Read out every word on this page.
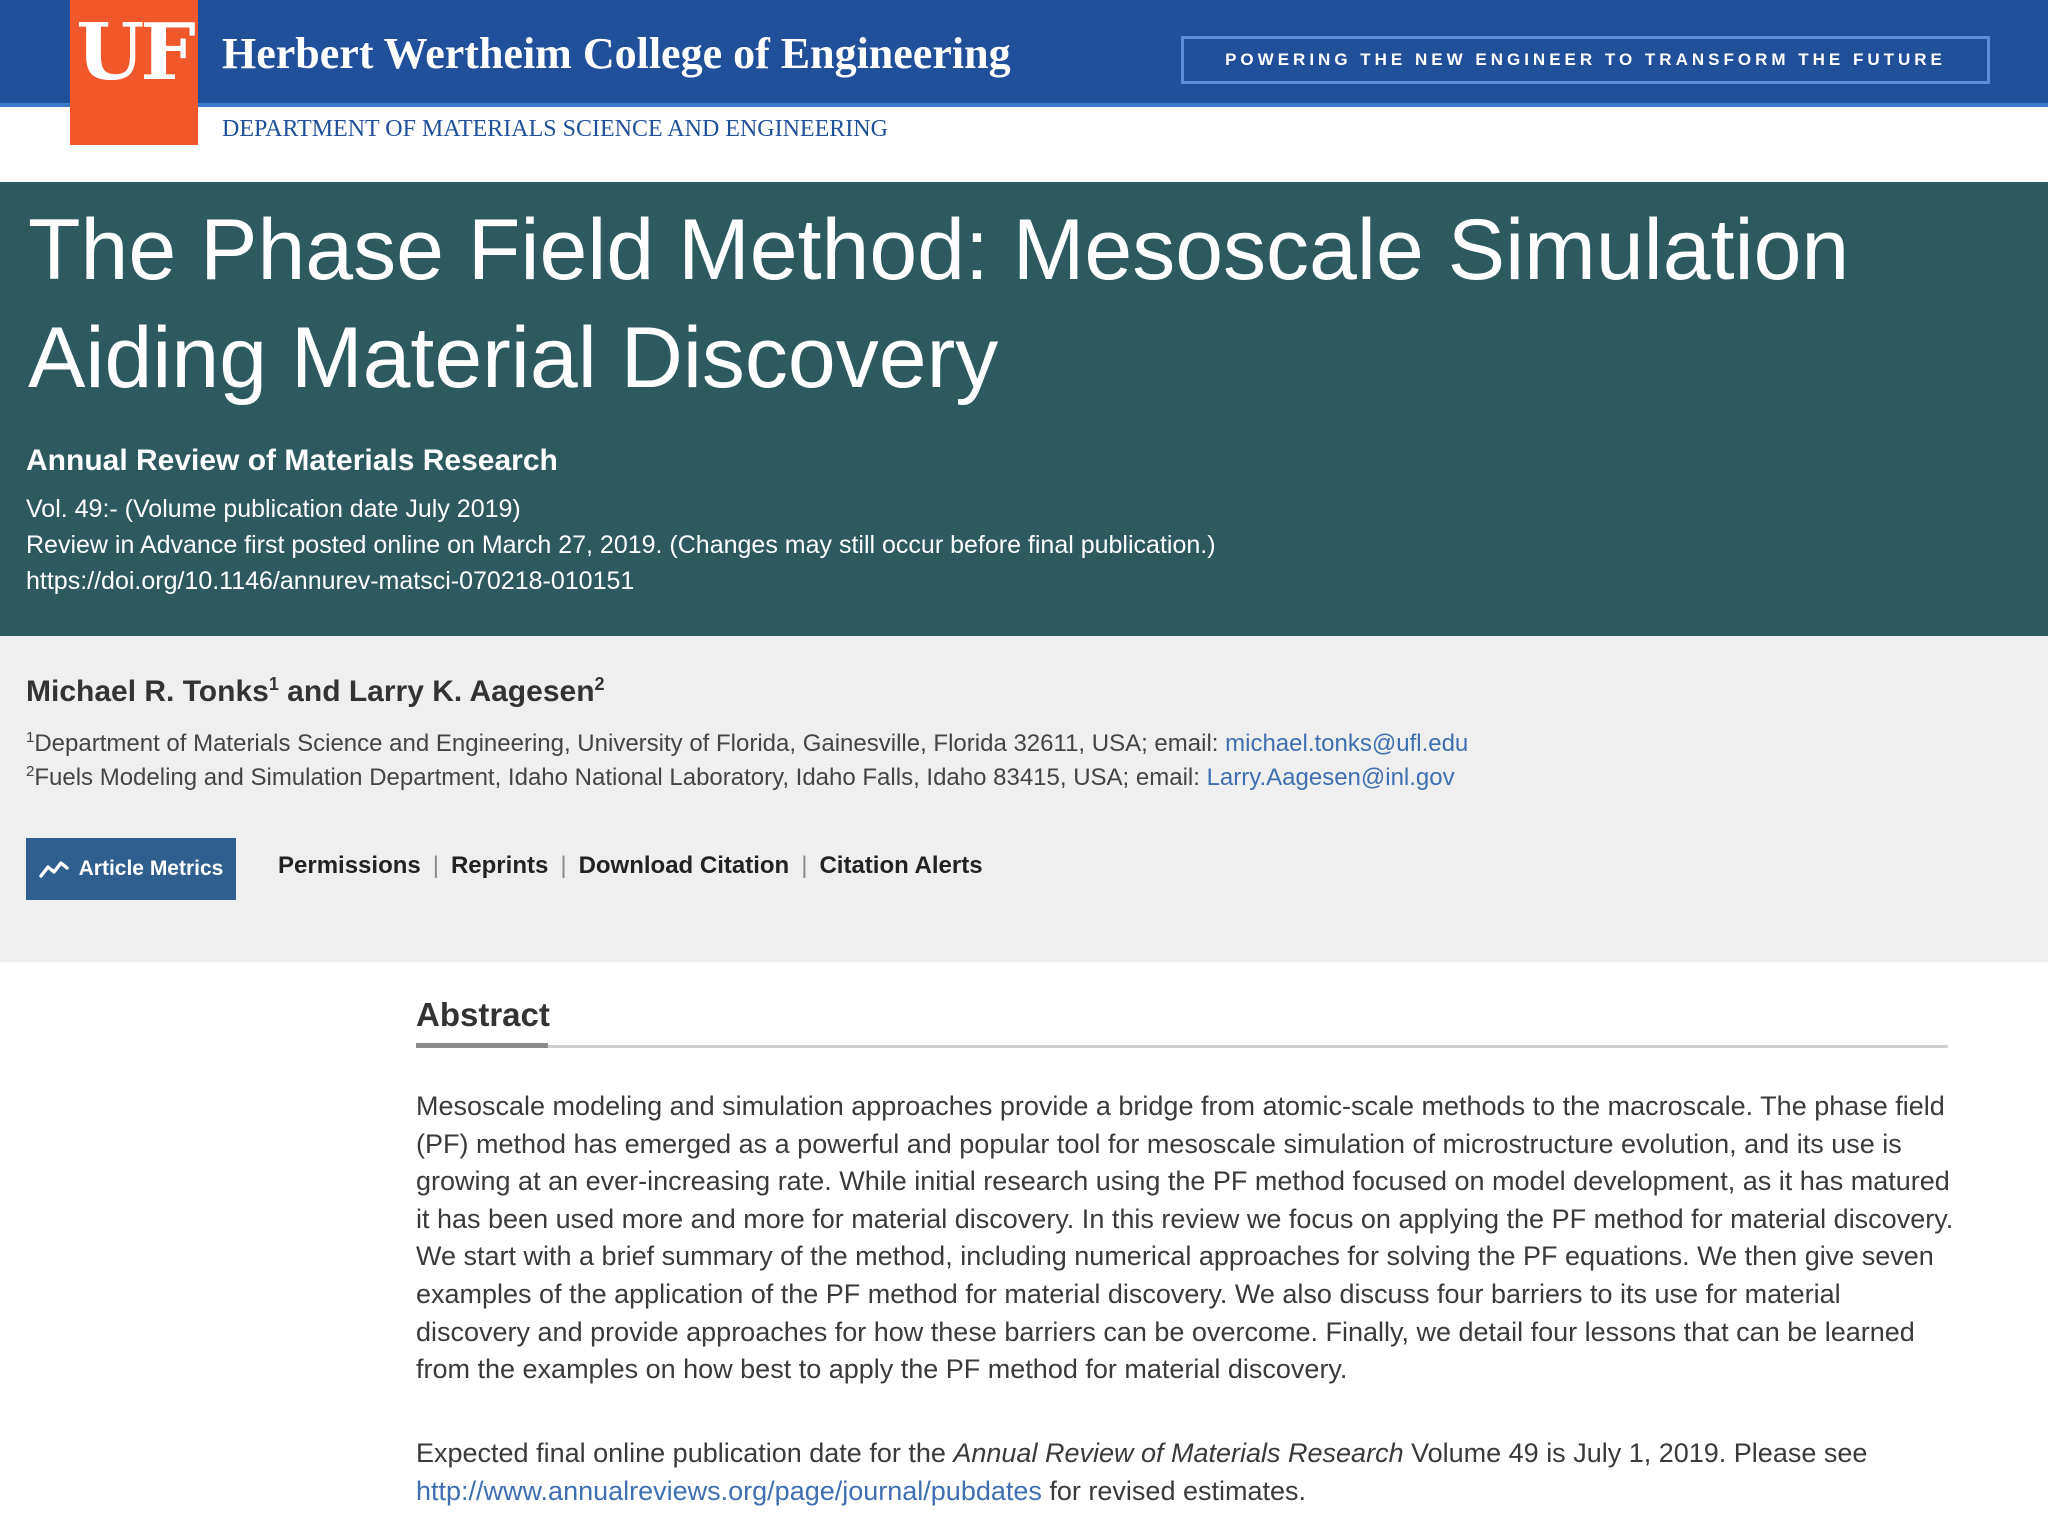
UF Herbert Wertheim College of Engineering	POWERING THE NEW ENGINEER TO TRANSFORM THE FUTURE
DEPARTMENT OF MATERIALS SCIENCE AND ENGINEERING
The Phase Field Method: Mesoscale Simulation Aiding Material Discovery
Annual Review of Materials Research
Vol. 49:- (Volume publication date July 2019)
Review in Advance first posted online on March 27, 2019. (Changes may still occur before final publication.)
https://doi.org/10.1146/annurev-matsci-070218-010151
Michael R. Tonks$^1$ and Larry K. Aagesen$^2$
$^1$Department of Materials Science and Engineering, University of Florida, Gainesville, Florida 32611, USA; email: michael.tonks@ufl.edu
$^2$Fuels Modeling and Simulation Department, Idaho National Laboratory, Idaho Falls, Idaho 83415, USA; email: Larry.Aagesen@inl.gov
Article Metrics Permissions | Reprints | Download Citation | Citation Alerts
Abstract

Mesoscale modeling and simulation approaches provide a bridge from atomic-scale methods to the macroscale. The phase field (PF) method has emerged as a powerful and popular tool for mesoscale simulation of microstructure evolution, and its use is growing at an ever-increasing rate. While initial research using the PF method focused on model development, as it has matured it has been used more and more for material discovery. In this review we focus on applying the PF method for material discovery. We start with a brief summary of the method, including numerical approaches for solving the PF equations. We then give seven examples of the application of the PF method for material discovery. We also discuss four barriers to its use for material discovery and provide approaches for how these barriers can be overcome. Finally, we detail four lessons that can be learned from the examples on how best to apply the PF method for material discovery.

Expected final online publication date for the Annual Review of Materials Research Volume 49 is July 1, 2019. Please see
http://www.annualreviews.org/page/journal/pubdates for revised estimates.
